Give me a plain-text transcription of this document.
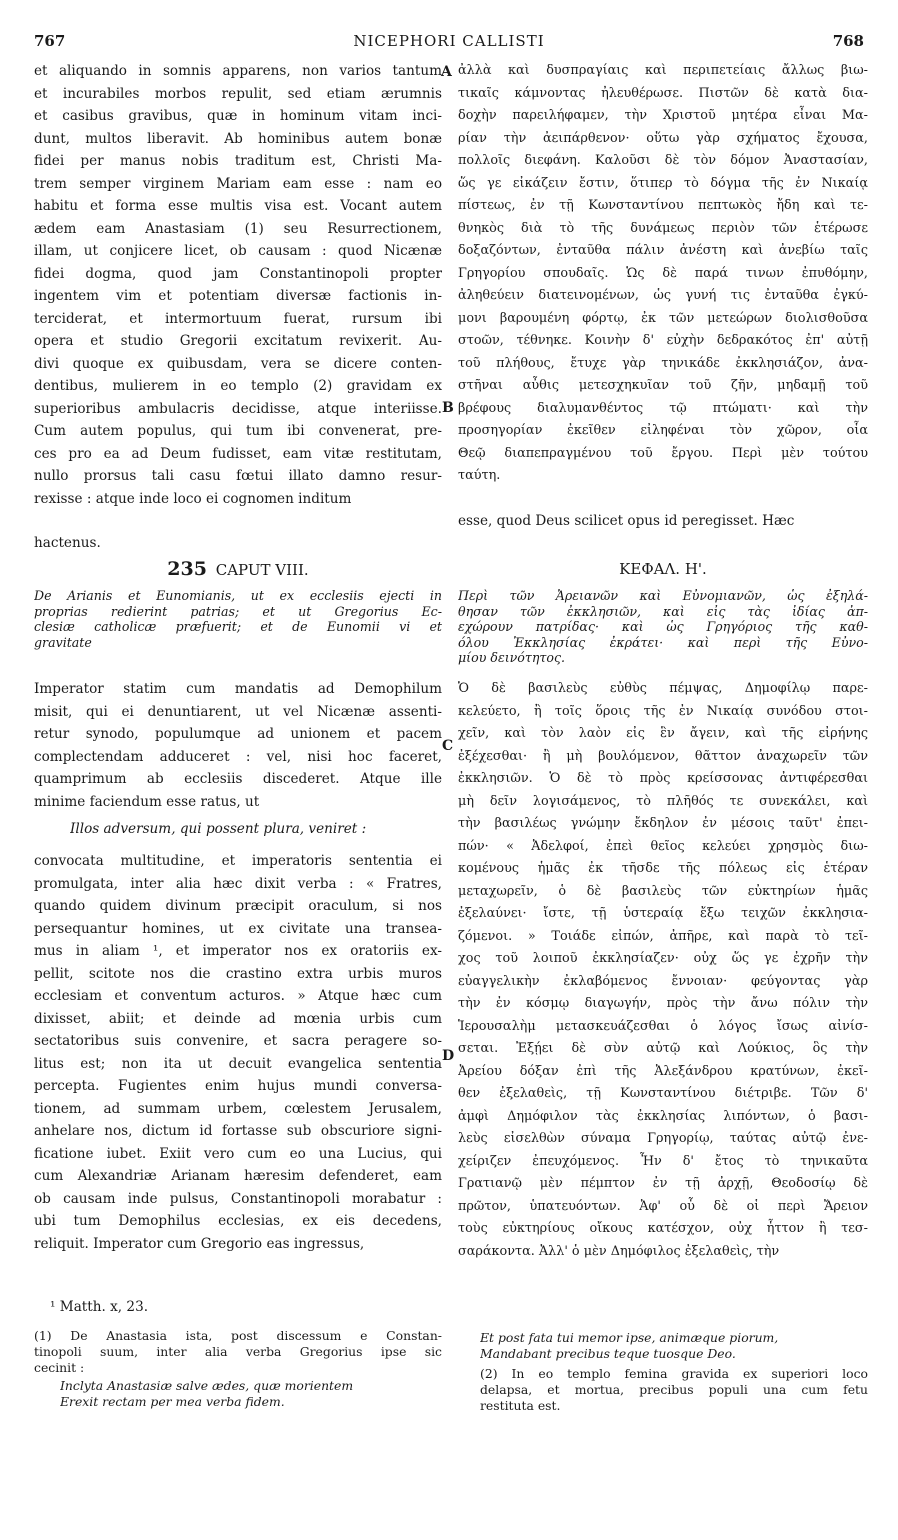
767	NICEPHORI CALLISTI	768
et aliquando in somnis apparens, non varios tantum
et incurabiles morbos repulit, sed etiam ærumnis
et casibus gravibus, quæ in hominum vitam inci-
dunt, multos liberavit. Ab hominibus autem bonæ
fidei per manus nobis traditum est, Christi Ma-
trem semper virginem Mariam eam esse : nam eo
habitu et forma esse multis visa est. Vocant autem
ædem eam Anastasiam (1) seu Resurrectionem,
illam, ut conjicere licet, ob causam : quod Nicænæ
fidei dogma, quod jam Constantinopoli propter
ingentem vim et potentiam diversæ factionis in-
terciderat, et intermortuum fuerat, rursum ibi
opera et studio Gregorii excitatum revixerit. Au-
divi quoque ex quibusdam, vera se dicere conten-
dentibus, mulierem in eo templo (2) gravidam ex
superioribus ambulacris decidisse, atque interiisse.
Cum autem populus, qui tum ibi convenerat, pre-
ces pro ea ad Deum fudisset, eam vitæ restitutam,
nullo prorsus tali casu fœtui illato damno resur-
rexisse : atque inde loco ei cognomen inditum
ἀλλὰ καὶ δυσπραγίαις καὶ περιπετείαις ἄλλως βιω-
τικαῖς κάμνοντας ἠλευθέρωσε. Πιστῶν δὲ κατὰ δια-
δοχὴν παρειλήφαμεν, τὴν Χριστοῦ μητέρα εἶναι Μα-
ρίαν τὴν ἀειπάρθενον· οὕτω γὰρ σχήματος ἔχουσα,
πολλοῖς διεφάνη. Καλοῦσι δὲ τὸν δόμον Ἀναστασίαν,
ὥς γε εἰκάζειν ἔστιν, ὅτιπερ τὸ δόγμα τῆς ἐν Νικαίᾳ
πίστεως, ἐν τῇ Κωνσταντίνου πεπτωκὸς ἤδη καὶ τε-
θνηκὸς διὰ τὸ τῆς δυνάμεως περιὸν τῶν ἑτέρωσε
δοξαζόντων, ἐνταῦθα πάλιν ἀνέστη καὶ ἀνεβίω ταῖς
Γρηγορίου σπουδαῖς. Ὡς δὲ παρά τινων ἐπυθόμην,
ἀληθεύειν διατεινομένων, ὡς γυνή τις ἐνταῦθα ἐγκύ-
μονι βαρουμένη φόρτῳ, ἐκ τῶν μετεώρων διολισθοῦσα
στοῶν, τέθνηκε. Κοινὴν δ' εὐχὴν δεδρακότος ἐπ' αὐτῇ
τοῦ πλήθους, ἔτυχε γὰρ τηνικάδε ἐκκλησιάζον, ἀνα-
στῆναι αὖθις μετεσχηκυῖαν τοῦ ζῆν, μηδαμῇ τοῦ
βρέφους διαλυμανθέντος τῷ πτώματι· καὶ τὴν
προσηγορίαν ἐκεῖθεν εἰληφέναι τὸν χῶρον, οἷα
Θεῷ διαπεπραγμένου τοῦ ἔργου. Περὶ μὲν τούτου
ταύτη.
A
B
C
D
esse, quod Deus scilicet opus id peregisset. Hæc
hactenus.
235 CAPUT VIII.	ΚΕΦΑΛ. Η'.
De Arianis et Eunomianis, ut ex ecclesiis ejecti in
proprias redierint patrias; et ut Gregorius Ec-
clesiæ catholicæ præfuerit; et de Eunomii vi et
gravitate
Περὶ τῶν Ἀρειανῶν καὶ Εὐνομιανῶν, ὡς ἐξηλά-
θησαν τῶν ἐκκλησιῶν, καὶ εἰς τὰς ἰδίας ἀπ-
εχώρουν πατρίδας· καὶ ὡς Γρηγόριος τῆς καθ-
όλου Ἐκκλησίας ἐκράτει· καὶ περὶ τῆς Εὐνο-
μίου δεινότητος.
Imperator statim cum mandatis ad Demophilum
misit, qui ei denuntiarent, ut vel Nicænæ assenti-
retur synodo, populumque ad unionem et pacem
complectendam adduceret : vel, nisi hoc faceret,
quamprimum ab ecclesiis discederet. Atque ille
minime faciendum esse ratus, ut
Illos adversum, qui possent plura, veniret :
convocata multitudine, et imperatoris sententia ei
promulgata, inter alia hæc dixit verba : « Fratres,
quando quidem divinum præcipit oraculum, si nos
persequantur homines, ut ex civitate una transea-
mus in aliam ¹, et imperator nos ex oratoriis ex-
pellit, scitote nos die crastino extra urbis muros
ecclesiam et conventum acturos. » Atque hæc cum
dixisset, abiit; et deinde ad mœnia urbis cum
sectatoribus suis convenire, et sacra peragere so-
litus est; non ita ut decuit evangelica sententia
percepta. Fugientes enim hujus mundi conversa-
tionem, ad summam urbem, cœlestem Jerusalem,
anhelare nos, dictum id fortasse sub obscuriore signi-
ficatione iubet. Exiit vero cum eo una Lucius, qui
cum Alexandriæ Arianam hæresim defenderet, eam
ob causam inde pulsus, Constantinopoli morabatur :
ubi tum Demophilus ecclesias, ex eis decedens,
reliquit. Imperator cum Gregorio eas ingressus,
¹ Matth. x, 23.
Ὁ δὲ βασιλεὺς εὐθὺς πέμψας, Δημοφίλῳ παρε-
κελεύετο, ἢ τοῖς ὅροις τῆς ἐν Νικαίᾳ συνόδου στοι-
χεῖν, καὶ τὸν λαὸν εἰς ἓν ἄγειν, καὶ τῆς εἰρήνης
ἐξέχεσθαι· ἢ μὴ βουλόμενον, θᾶττον ἀναχωρεῖν τῶν
ἐκκλησιῶν. Ὁ δὲ τὸ πρὸς κρείσσονας ἀντιφέρεσθαι
μὴ δεῖν λογισάμενος, τὸ πλῆθός τε συνεκάλει, καὶ
τὴν βασιλέως γνώμην ἔκδηλον ἐν μέσοις ταῦτ' ἐπει-
πών· « Ἀδελφοί, ἐπεὶ θεῖος κελεύει χρησμὸς διω-
κομένους ἡμᾶς ἐκ τῆσδε τῆς πόλεως εἰς ἑτέραν
μεταχωρεῖν, ὁ δὲ βασιλεὺς τῶν εὐκτηρίων ἡμᾶς
ἐξελαύνει· ἴστε, τῇ ὑστεραίᾳ ἔξω τειχῶν ἐκκλησια-
ζόμενοι. » Τοιάδε εἰπών, ἀπῆρε, καὶ παρὰ τὸ τεῖ-
χος τοῦ λοιποῦ ἐκκλησίαζεν· οὐχ ὥς γε ἐχρῆν τὴν
εὐαγγελικὴν ἐκλαβόμενος ἔννοιαν· φεύγοντας γὰρ
τὴν ἐν κόσμῳ διαγωγήν, πρὸς τὴν ἄνω πόλιν τὴν
Ἱερουσαλὴμ μετασκευάζεσθαι ὁ λόγος ἴσως αἰνίσ-
σεται. Ἐξῄει δὲ σὺν αὐτῷ καὶ Λούκιος, ὃς τὴν
Ἀρείου δόξαν ἐπὶ τῆς Ἀλεξάνδρου κρατύνων, ἐκεῖ-
θεν ἐξελαθεὶς, τῇ Κωνσταντίνου διέτριβε. Τῶν δ'
ἀμφὶ Δημόφιλον τὰς ἐκκλησίας λιπόντων, ὁ βασι-
λεὺς εἰσελθὼν σύναμα Γρηγορίῳ, ταύτας αὐτῷ ἐνε-
χείριζεν ἐπευχόμενος. Ἦν δ' ἔτος τὸ τηνικαῦτα
Γρατιανῷ μὲν πέμπτον ἐν τῇ ἀρχῇ, Θεοδοσίῳ δὲ
πρῶτον, ὑπατευόντων. Ἀφ' οὗ δὲ οἱ περὶ Ἄρειον
τοὺς εὐκτηρίους οἴκους κατέσχον, οὐχ ἧττον ἢ τεσ-
σαράκοντα. Ἀλλ' ὁ μὲν Δημόφιλος ἐξελαθεὶς, τὴν
(1) De Anastasia ista, post discessum e Constan-
tinopoli suum, inter alia verba Gregorius ipse sic
cecinit :
Inclyta Anastasiæ salve ædes, quæ morientem
Erexit rectam per mea verba fidem.
Et post fata tui memor ipse, animæque piorum,
Mandabant precibus teque tuosque Deo.
(2) In eo templo femina gravida ex superiori loco
delapsa, et mortua, precibus populi una cum fetu
restituta est.
